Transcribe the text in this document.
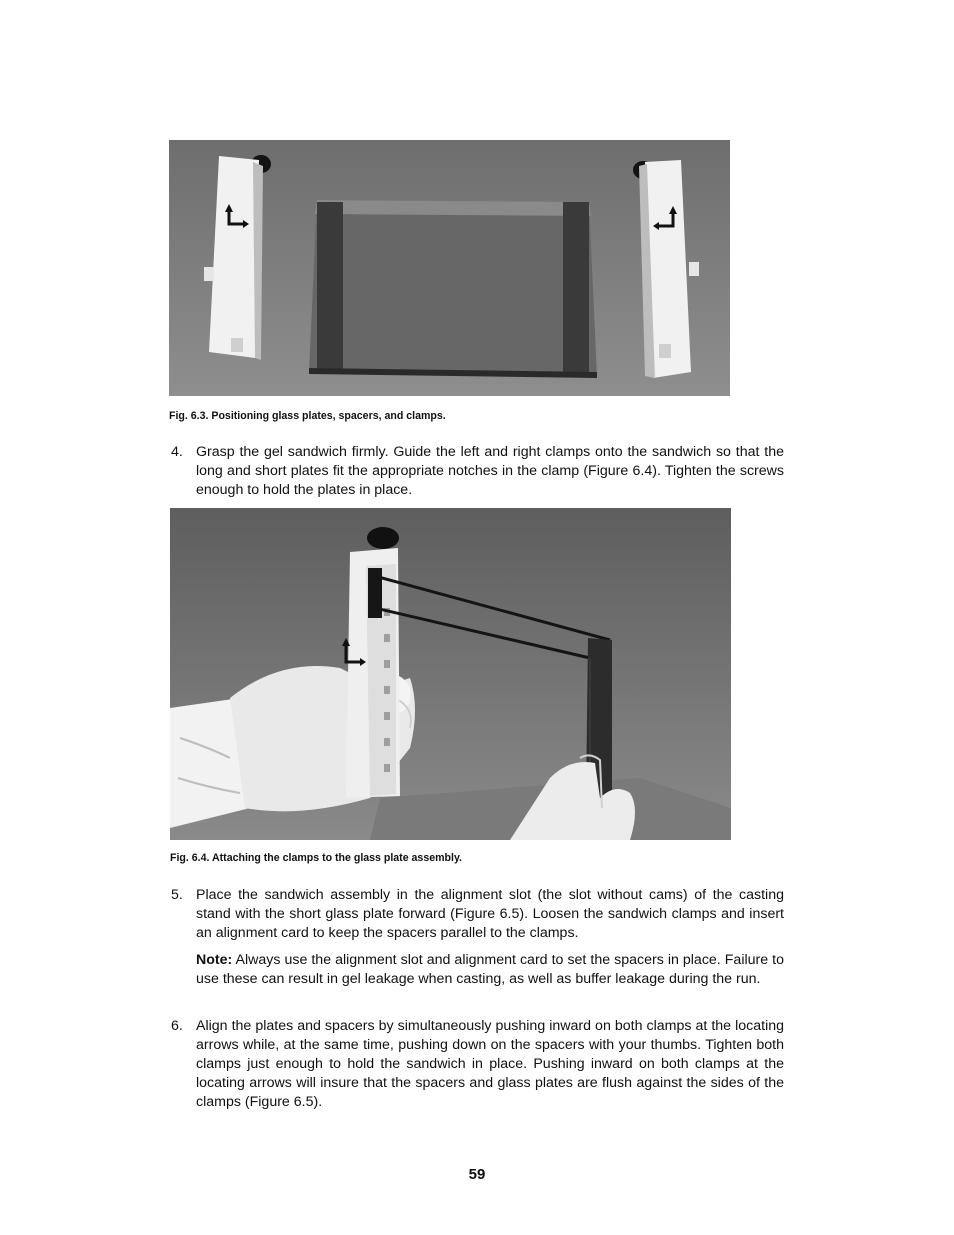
Fig. 6.3. Positioning glass plates, spacers, and clamps.
4. Grasp the gel sandwich firmly. Guide the left and right clamps onto the sandwich so that the long and short plates fit the appropriate notches in the clamp (Figure 6.4). Tighten the screws enough to hold the plates in place.
Fig. 6.4. Attaching the clamps to the glass plate assembly.
5. Place the sandwich assembly in the alignment slot (the slot without cams) of the casting stand with the short glass plate forward (Figure 6.5). Loosen the sandwich clamps and insert an alignment card to keep the spacers parallel to the clamps.
Note: Always use the alignment slot and alignment card to set the spacers in place. Failure to use these can result in gel leakage when casting, as well as buffer leakage during the run.
6. Align the plates and spacers by simultaneously pushing inward on both clamps at the locating arrows while, at the same time, pushing down on the spacers with your thumbs. Tighten both clamps just enough to hold the sandwich in place. Pushing inward on both clamps at the locating arrows will insure that the spacers and glass plates are flush against the sides of the clamps (Figure 6.5).
59
